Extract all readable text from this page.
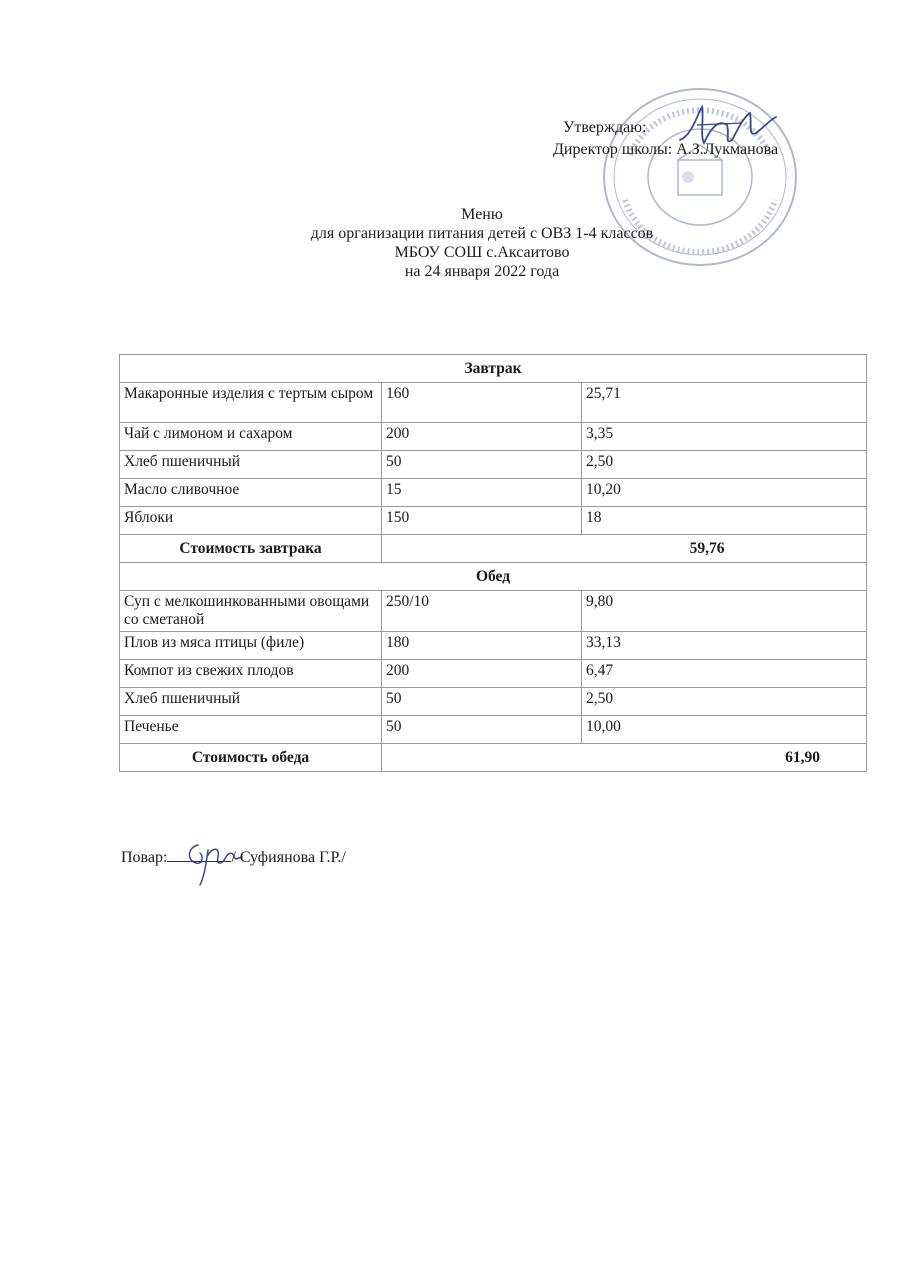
Утверждаю:
Директор школы: А.З.Лукманова
Меню
для организации питания детей с ОВЗ 1-4 классов
МБОУ СОШ с.Аксаитово
на 24 января 2022 года
Завтрак		
Макаронные изделия с тертым сыром	160	25,71
Чай с лимоном и сахаром	200	3,35
Хлеб пшеничный	50	2,50
Масло сливочное	15	10,20
Яблоки	150	18
Стоимость завтрака	59,76	
Обед		
Суп с мелкошинкованными овощами со сметаной	250/10	9,80
Плов из мяса птицы (филе)	180	33,13
Компот из свежих плодов	200	6,47
Хлеб пшеничный	50	2,50
Печенье	50	10,00
Стоимость обеда	61,90	
Повар:	/ Суфиянова Г.Р./
